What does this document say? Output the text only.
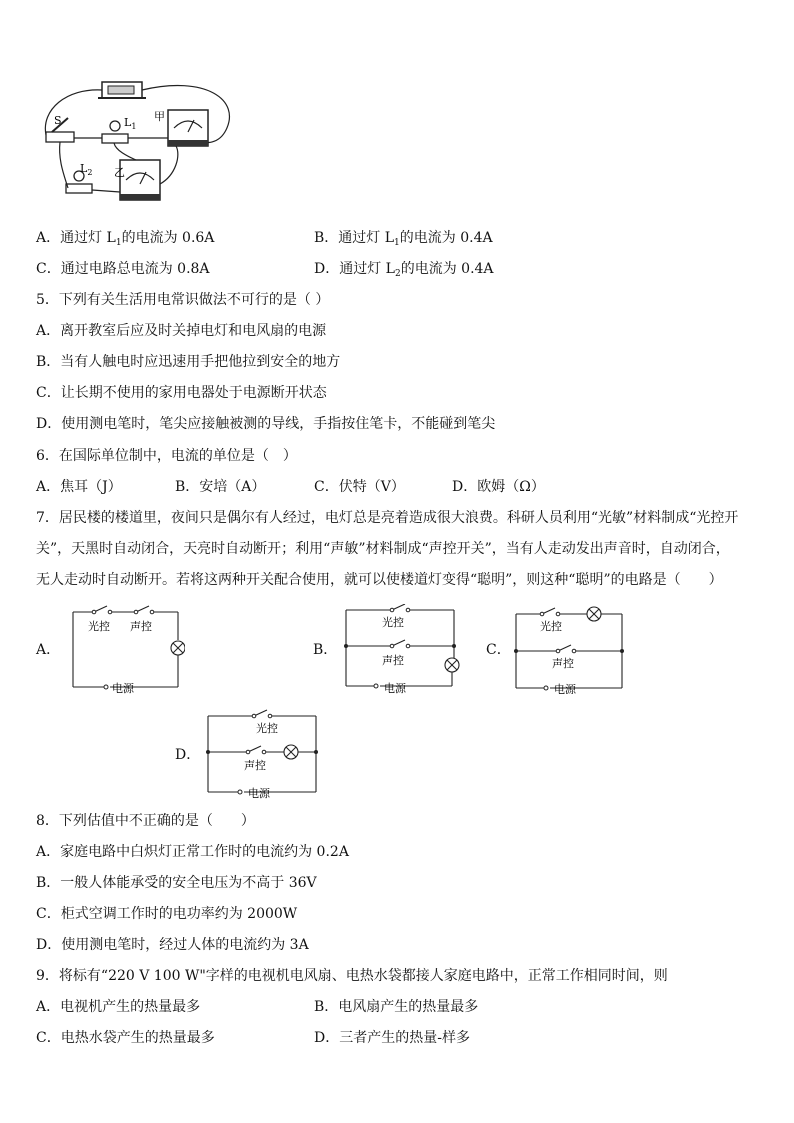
S	$L_1$
甲
$L_2$ 乙
A．通过灯 $L_1$的电流为 0.6A	B．通过灯 $L_1$的电流为 0.4A
C．通过电路总电流为 0.8A	D．通过灯 $L_2$的电流为 0.4A
5．下列有关生活用电常识做法不可行的是（ ）
A．离开教室后应及时关掉电灯和电风扇的电源
B．当有人触电时应迅速用手把他拉到安全的地方
C．让长期不使用的家用电器处于电源断开状态
D．使用测电笔时，笔尖应接触被测的导线，手指按住笔卡，不能碰到笔尖
6．在国际单位制中，电流的单位是（　）
A．焦耳（J）	B．安培（A）	C．伏特（V）	D．欧姆（Ω）
7．居民楼的楼道里，夜间只是偶尔有人经过，电灯总是亮着造成很大浪费。科研人员利用“光敏”材料制成“光控开
关”，天黑时自动闭合，天亮时自动断开；利用“声敏”材料制成“声控开关”，当有人走动发出声音时，自动闭合，
无人走动时自动断开。若将这两种开关配合使用，就可以使楼道灯变得“聪明”，则这种“聪明”的电路是（　　）
A．
光控 声控
电源
B．
光控
声控
电源
C．
光控
声控
电源
D．
光控
声控
电源
8．下列估值中不正确的是（　　）
A．家庭电路中白炽灯正常工作时的电流约为 0.2A
B．一般人体能承受的安全电压为不高于 36V
C．柜式空调工作时的电功率约为 2000W
D．使用测电笔时，经过人体的电流约为 3A
9．将标有“220 V 100 W"字样的电视机电风扇、电热水袋都接人家庭电路中，正常工作相同时间，则
A．电视机产生的热量最多	B．电风扇产生的热量最多
C．电热水袋产生的热量最多	D．三者产生的热量-样多
